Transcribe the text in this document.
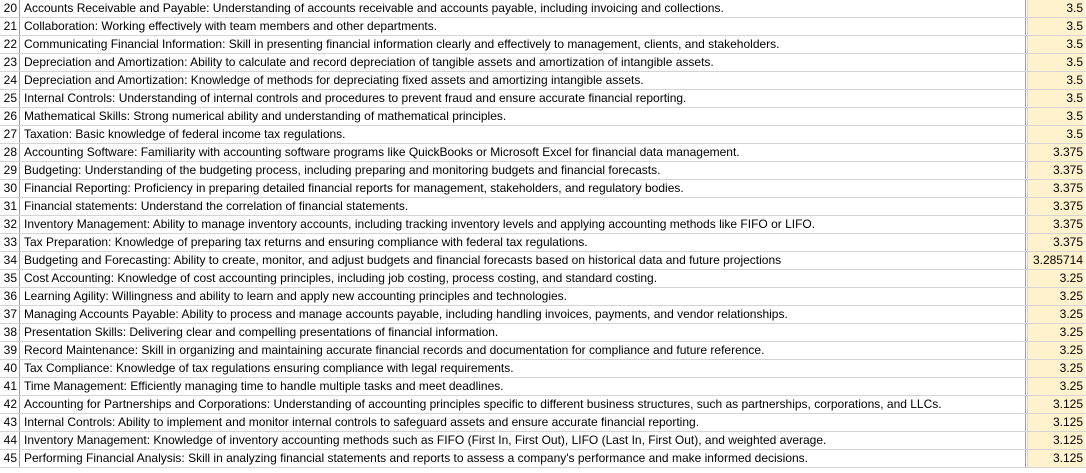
20 Accounts Receivable and Payable: Understanding of accounts receivable and accounts payable, including invoicing and collections.	3.5
21 Collaboration: Working effectively with team members and other departments.	3.5
22 Communicating Financial Information: Skill in presenting financial information clearly and effectively to management, clients, and stakeholders.	3.5
23 Depreciation and Amortization: Ability to calculate and record depreciation of tangible assets and amortization of intangible assets.	3.5
24 Depreciation and Amortization: Knowledge of methods for depreciating fixed assets and amortizing intangible assets.	3.5
25 Internal Controls: Understanding of internal controls and procedures to prevent fraud and ensure accurate financial reporting.	3.5
26 Mathematical Skills: Strong numerical ability and understanding of mathematical principles.	3.5
27 Taxation: Basic knowledge of federal income tax regulations.	3.5
28 Accounting Software: Familiarity with accounting software programs like QuickBooks or Microsoft Excel for financial data management.	3.375
29 Budgeting: Understanding of the budgeting process, including preparing and monitoring budgets and financial forecasts.	3.375
30 Financial Reporting: Proficiency in preparing detailed financial reports for management, stakeholders, and regulatory bodies.	3.375
31 Financial statements: Understand the correlation of financial statements.	3.375
32 Inventory Management: Ability to manage inventory accounts, including tracking inventory levels and applying accounting methods like FIFO or LIFO.	3.375
33 Tax Preparation: Knowledge of preparing tax returns and ensuring compliance with federal tax regulations.	3.375
34 Budgeting and Forecasting: Ability to create, monitor, and adjust budgets and financial forecasts based on historical data and future projections	3.285714
35 Cost Accounting: Knowledge of cost accounting principles, including job costing, process costing, and standard costing.	3.25
36 Learning Agility: Willingness and ability to learn and apply new accounting principles and technologies.	3.25
37 Managing Accounts Payable: Ability to process and manage accounts payable, including handling invoices, payments, and vendor relationships.	3.25
38 Presentation Skills: Delivering clear and compelling presentations of financial information.	3.25
39 Record Maintenance: Skill in organizing and maintaining accurate financial records and documentation for compliance and future reference.	3.25
40 Tax Compliance: Knowledge of tax regulations ensuring compliance with legal requirements.	3.25
41 Time Management: Efficiently managing time to handle multiple tasks and meet deadlines.	3.25
42 Accounting for Partnerships and Corporations: Understanding of accounting principles specific to different business structures, such as partnerships, corporations, and LLCs.	3.125
43 Internal Controls: Ability to implement and monitor internal controls to safeguard assets and ensure accurate financial reporting.	3.125
44 Inventory Management: Knowledge of inventory accounting methods such as FIFO (First In, First Out), LIFO (Last In, First Out), and weighted average.	3.125
45 Performing Financial Analysis: Skill in analyzing financial statements and reports to assess a company's performance and make informed decisions.	3.125
